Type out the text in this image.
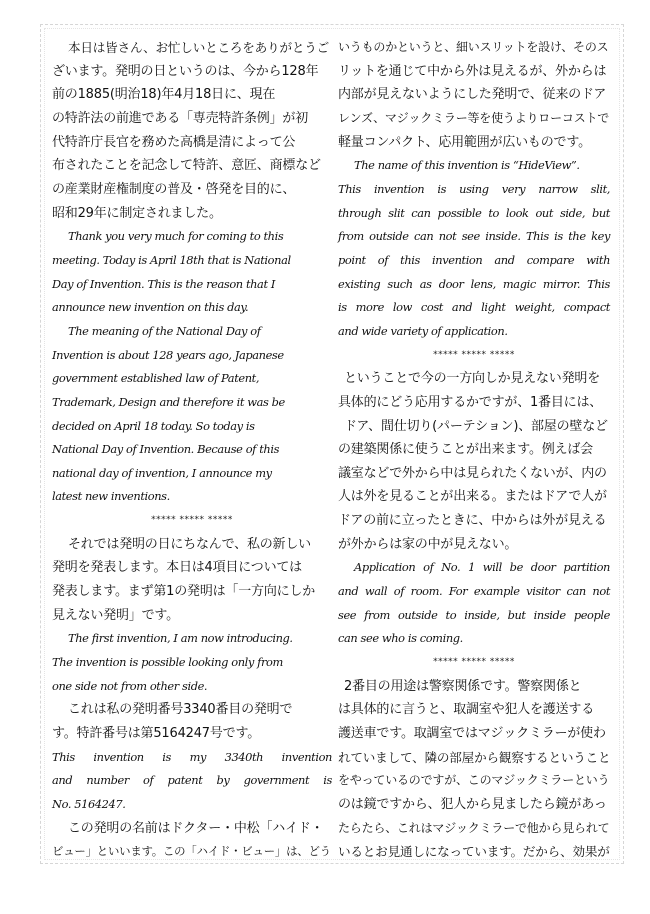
本日は皆さん、お忙しいところをありがとうご
ざいます。発明の日というのは、今から128年
前の1885(明治18)年4月18日に、現在
の特許法の前進である「専売特許条例」が初
代特許庁長官を務めた高橋是清によって公
布されたことを記念して特許、意匠、商標など
の産業財産権制度の普及・啓発を目的に、
昭和29年に制定されました。
Thank you very much for coming to this
meeting. Today is April 18th that is National
Day of Invention. This is the reason that I
announce new invention on this day.
The meaning of the National Day of
Invention is about 128 years ago, Japanese
government established law of Patent,
Trademark, Design and therefore it was be
decided on April 18 today. So today is
National Day of Invention. Because of this
national day of invention, I announce my
latest new inventions.
***** ***** *****
それでは発明の日にちなんで、私の新しい
発明を発表します。本日は4項目については
発表します。まず第1の発明は「一方向にしか
見えない発明」です。
The first invention, I am now introducing.
The invention is possible looking only from
one side not from other side.
これは私の発明番号3340番目の発明で
す。特許番号は第5164247号です。
This invention is my 3340th invention
and number of patent by government is
No. 5164247.
この発明の名前はドクター・中松「ハイド・
ビュー」といいます。この「ハイド・ビュー」は、どう
いうものかというと、細いスリットを設け、そのス
リットを通じて中から外は見えるが、外からは
内部が見えないようにした発明で、従来のドア
レンズ、マジックミラー等を使うよりローコストで
軽量コンパクト、応用範囲が広いものです。
The name of this invention is “HideView”.
This invention is using very narrow slit,
through slit can possible to look out side, but
from outside can not see inside. This is the key
point of this invention and compare with
existing such as door lens, magic mirror. This
is more low cost and light weight, compact
and wide variety of application.
***** ***** *****
ということで今の一方向しか見えない発明を
具体的にどう応用するかですが、1番目には、
ドア、間仕切り(パーテション)、部屋の壁など
の建築関係に使うことが出来ます。例えば会
議室などで外から中は見られたくないが、内の
人は外を見ることが出来る。またはドアで人が
ドアの前に立ったときに、中からは外が見える
が外からは家の中が見えない。
Application of No. 1 will be door partition
and wall of room. For example visitor can not
see from outside to inside, but inside people
can see who is coming.
***** ***** *****
2番目の用途は警察関係です。警察関係と
は具体的に言うと、取調室や犯人を護送する
護送車です。取調室ではマジックミラーが使わ
れていまして、隣の部屋から観察するということ
をやっているのですが、このマジックミラーという
のは鏡ですから、犯人から見ましたら鏡があっ
たらたら、これはマジックミラーで他から見られて
いるとお見通しになっています。だから、効果が
